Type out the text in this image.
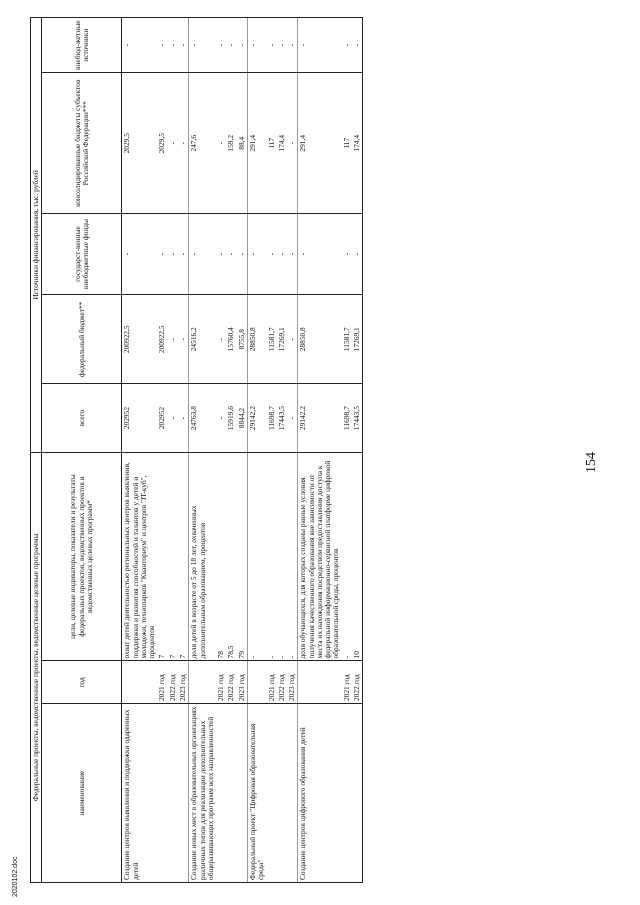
154
Федеральные проекты, ведомственные проекты, ведомственные целевые программы			Источники финансирования, тыс. рублей				
наименование	год	цели, целевые индикаторы, показатели и результаты федеральных проектов, ведомственных проектов и ведомственных целевых программ*	всего	федеральный бюджет**	государст-венные внебюджетные фонды	консолидированные бюджеты субъектов Российской Федерации***	внебюд-жетные источники
Создание центров выявления и поддержки одаренных детей		охват детей деятельностью региональных центров выявления, поддержки и развития способностей и талантов у детей и молодежи, технопарков "Кванториум" и центров "IT-куб", процентов	202952	200922,5	-	2029,5	-
	2021 год	7	202952	200922,5	-	2029,5	-
	2022 год	7	-	-	-	-	-
	2023 год	7	-	-	-	-	-
Создание новых мест в образовательных организациях различных типов для реализации дополнительных общеразвивающих программ всех направленностей		доля детей в возрасте от 5 до 18 лет, охваченных дополнительным образованием, процентов	24763,8	24516,2	-	247,6	-
	2021 год	78	-	-	-	-	-
	2022 год	78,5	15919,6	15760,4	-	159,2	-
	2023 год	79	8844,2	8755,8	-	88,4	-
Федеральный проект "Цифровая образовательная среда"		-	29142,2	28850,8	-	291,4	-
	2021 год	-	11698,7	11581,7	-	117	-
	2022 год	-	17443,5	17269,1	-	174,4	-
	2023 год	-	-	-	-	-	-
Создание центров цифрового образования детей		доля обучающихся, для которых созданы равные условия получения качественного образования вне зависимости от места их нахождения посредством предоставления доступа к федеральной информационно-сервисной платформе цифровой образовательной среды, процентов	29142,2	28850,8	-	291,4	-
	2021 год	-	11698,7	11581,7	-	117	-
	2022 год	10	17443,5	17269,1	-	174,4	-
2020102.doc
